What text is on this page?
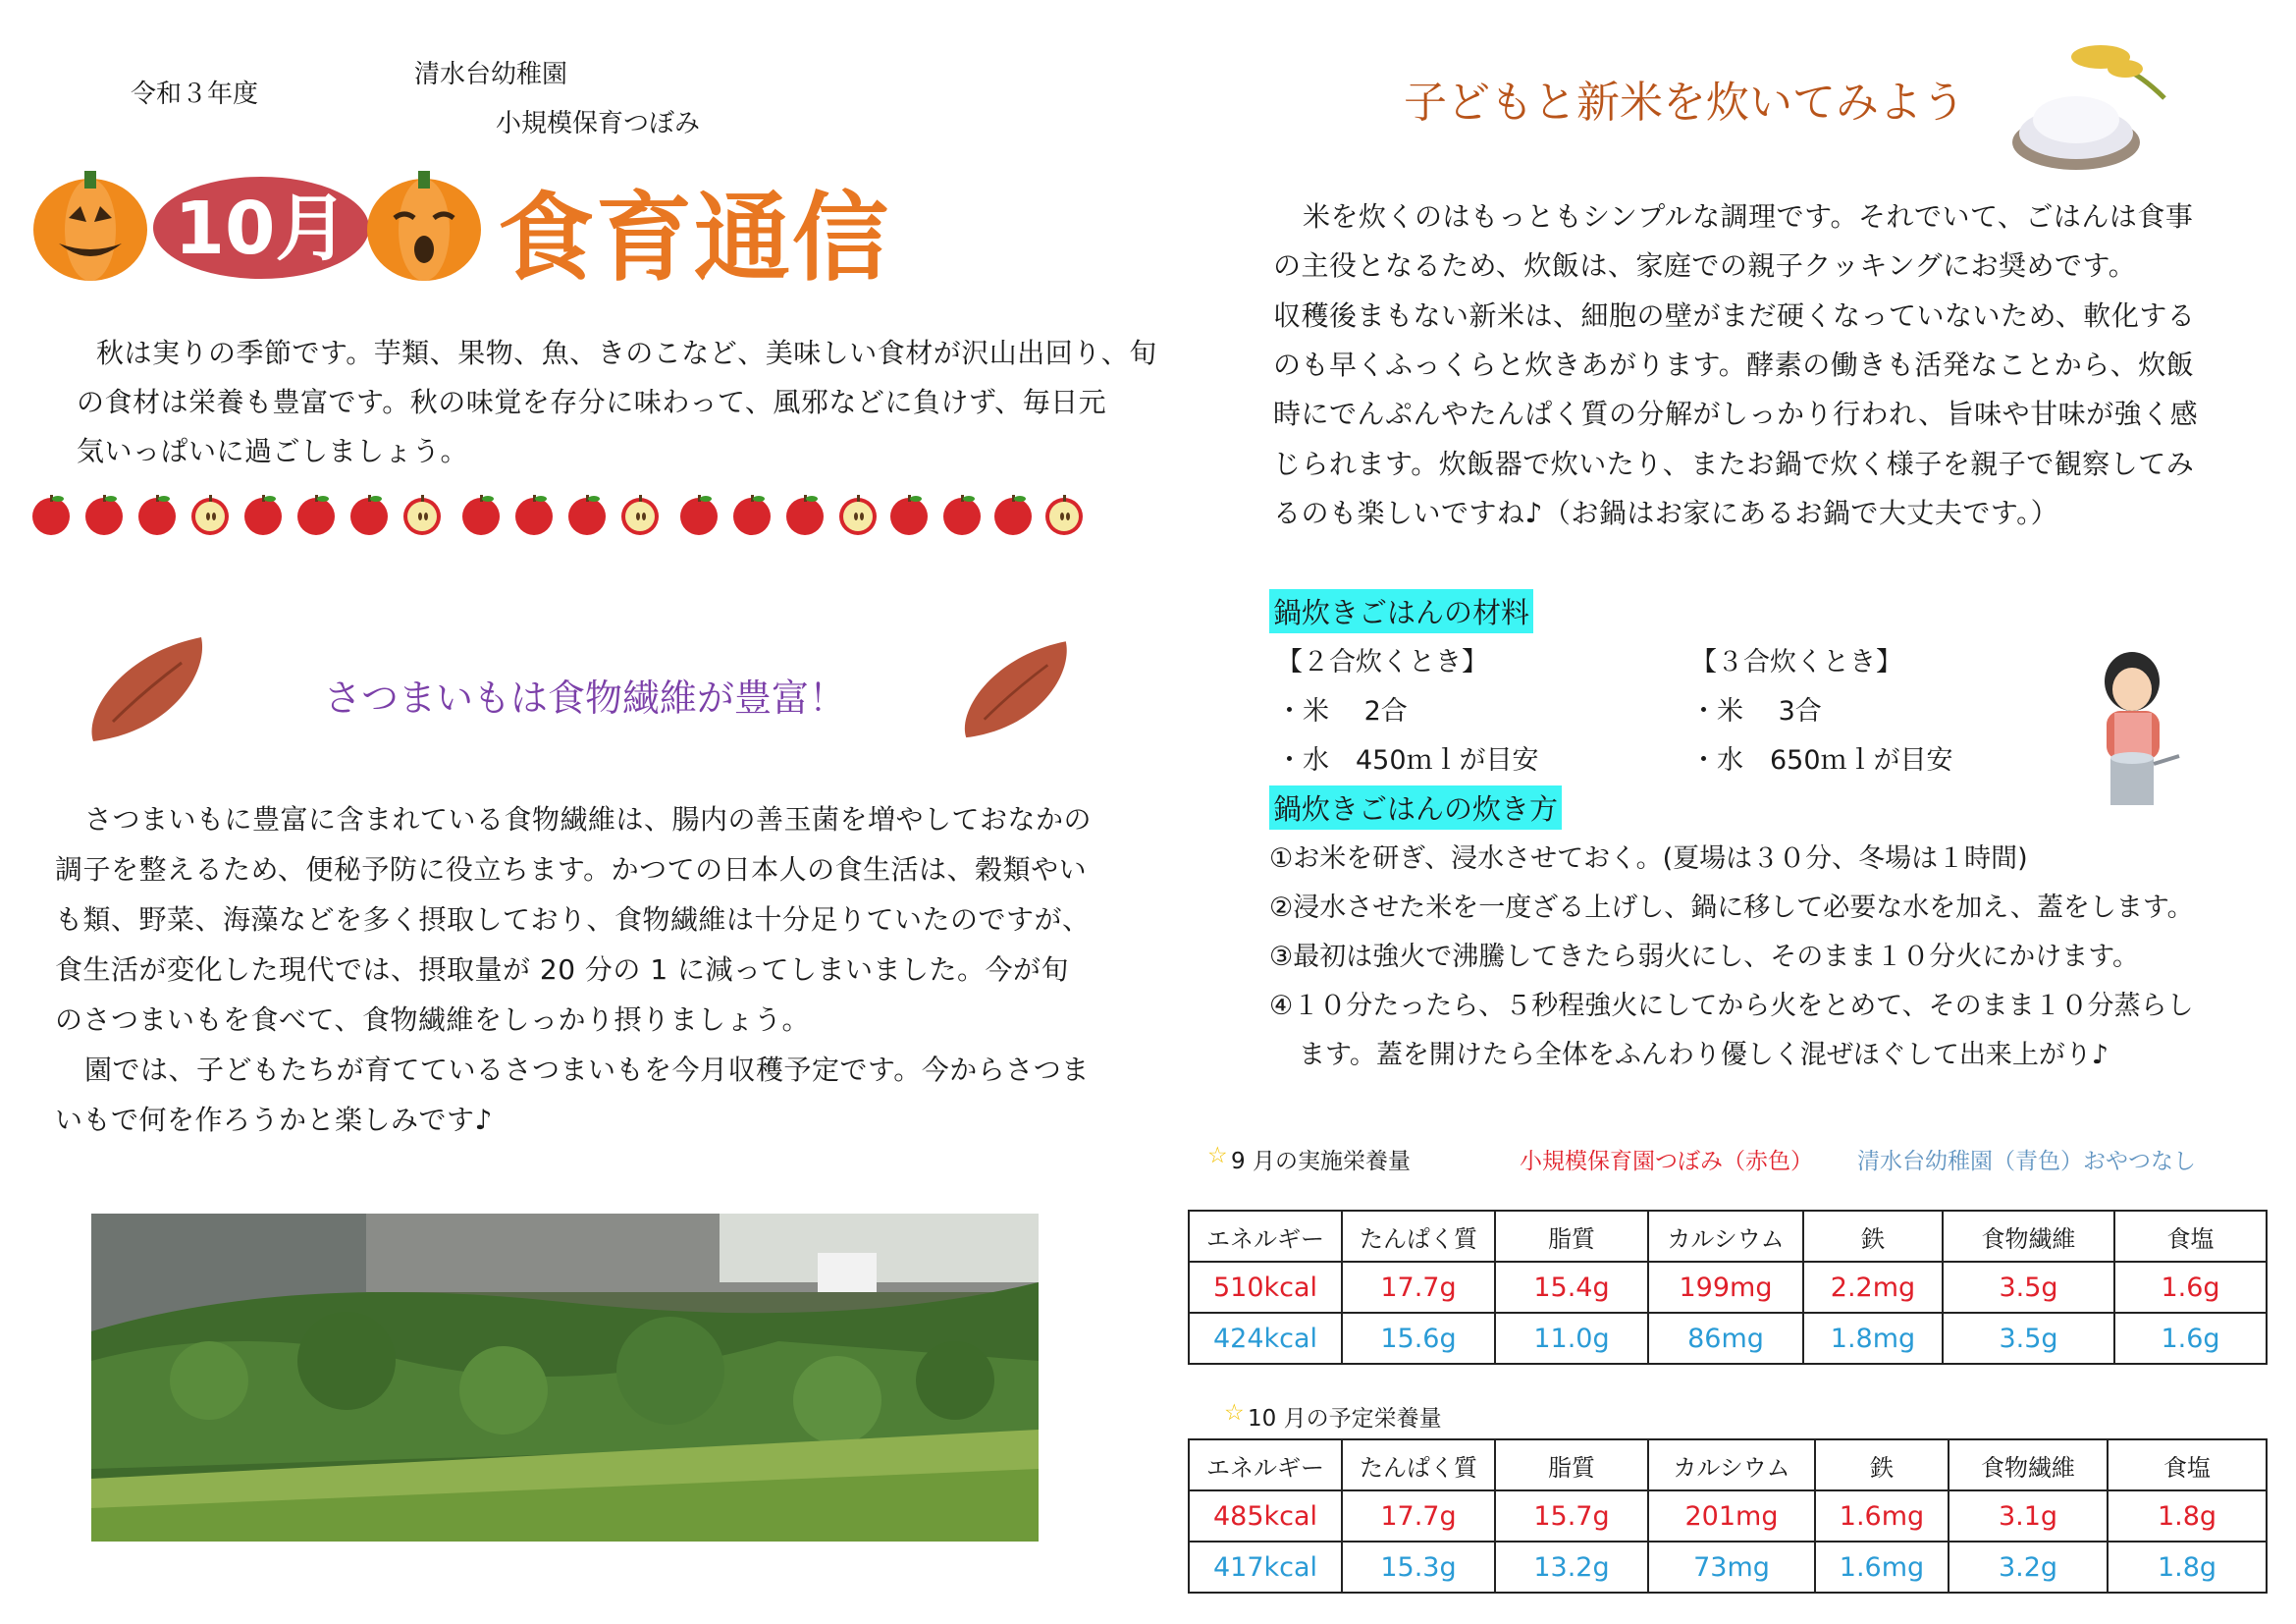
令和３年度
清水台幼稚園
小規模保育つぼみ
10月 食育通信
秋は実りの季節です。芋類、果物、魚、きのこなど、美味しい食材が沢山出回り、旬
の食材は栄養も豊富です。秋の味覚を存分に味わって、風邪などに負けず、毎日元
気いっぱいに過ごしましょう。
さつまいもは食物繊維が豊富！
さつまいもに豊富に含まれている食物繊維は、腸内の善玉菌を増やしておなかの
調子を整えるため、便秘予防に役立ちます。かつての日本人の食生活は、穀類やい
も類、野菜、海藻などを多く摂取しており、食物繊維は十分足りていたのですが、
食生活が変化した現代では、摂取量が 20 分の 1 に減ってしまいました。今が旬
のさつまいもを食べて、食物繊維をしっかり摂りましょう。
園では、子どもたちが育てているさつまいもを今月収穫予定です。今からさつま
いもで何を作ろうかと楽しみです♪
子どもと新米を炊いてみよう
米を炊くのはもっともシンプルな調理です。それでいて、ごはんは食事
の主役となるため、炊飯は、家庭での親子クッキングにお奨めです。
収穫後まもない新米は、細胞の壁がまだ硬くなっていないため、軟化する
のも早くふっくらと炊きあがります。酵素の働きも活発なことから、炊飯
時にでんぷんやたんぱく質の分解がしっかり行われ、旨味や甘味が強く感
じられます。炊飯器で炊いたり、またお鍋で炊く様子を親子で観察してみ
るのも楽しいですね♪（お鍋はお家にあるお鍋で大丈夫です。）
鍋炊きごはんの材料
【２合炊くとき】
・米　 2合
・水　450ｍｌが目安
【３合炊くとき】
・米　 3合
・水　650ｍｌが目安
鍋炊きごはんの炊き方
①お米を研ぎ、浸水させておく。(夏場は３０分、冬場は１時間)
②浸水させた米を一度ざる上げし、鍋に移して必要な水を加え、蓋をします。
③最初は強火で沸騰してきたら弱火にし、そのまま１０分火にかけます。
④１０分たったら、５秒程強火にしてから火をとめて、そのまま１０分蒸らし
ます。蓋を開けたら全体をふんわり優しく混ぜほぐして出来上がり♪
☆ 9 月の実施栄養量	小規模保育園つぼみ（赤色） 清水台幼稚園（青色）おやつなし
エネルギー	たんぱく質	脂質	カルシウム	鉄	食物繊維	食塩
510kcal	17.7g	15.4g	199mg	2.2mg	3.5g	1.6g
424kcal	15.6g	11.0g	86mg	1.8mg	3.5g	1.6g
☆ 10 月の予定栄養量
エネルギー	たんぱく質	脂質	カルシウム	鉄	食物繊維	食塩
485kcal	17.7g	15.7g	201mg	1.6mg	3.1g	1.8g
417kcal	15.3g	13.2g	73mg	1.6mg	3.2g	1.8g
